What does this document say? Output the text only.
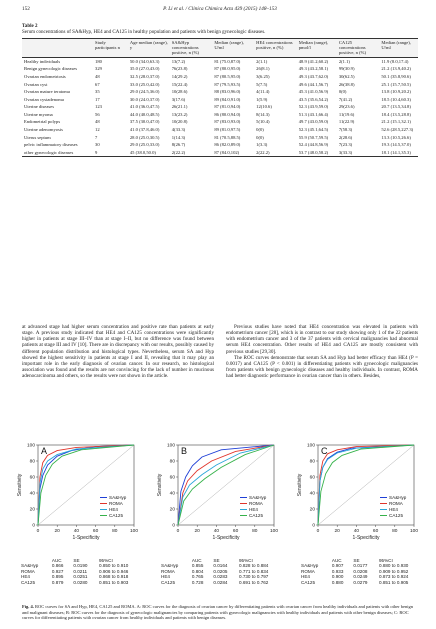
152	P. Li et al. / Clinica Chimica Acta 439 (2015) 148–153
Table 2
Serum concentrations of SA&Hyp, HE4 and CA125 in healthy population and patients with benign gynecologic diseases.
	Study participants n	Age median (range), y	SA&Hyp concentrations positive, n (%)	Median (range), U/ml	HE4 concentrations positive, n (%)	Median (range), pmol/l	CA125 concentrations positive, n (%)	Median (range), U/ml
Healthy individuals	180	50.0 (34.0,63.3)	13(7.2)	81 (75.0,87.0)	2(1.1)	48.9 (41.2,60.2)	2(1.1)	11.9 (8.0,17.4)
Benign gynecologic diseases	329	35.0 (27.0,43.0)	76(23.8)	87 (80.0,95.0)	26(8.1)	49.3 (43.2,58.1)	99(30.9)	21.2 (13.9,40.2)
Ovarian endometriosis	48	32.5 (28.0,37.0)	14(29.2)	87 (80.5,95.0)	3(6.25)	49.3 (43.7,62.0)	30(62.5)	50.1 (35.8,90.6)
Ovarian cyst	67	33.0 (25.0,42.0)	15(22.4)	87 (79.5,93.5)	5(7.5)	49.6 (44.1,56.7)	26(38.8)	25.1 (15.7,50.5)
Ovarian mature teratoma	35	29.0 (24.5,36.0)	10(28.6)	88 (83.0,96.0)	4(11.4)	45.3 (41.0,56.9)	0(0)	13.8 (10.9,20.2)
Ovarian cystadenoma	17	30.0 (24.0,37.0)	3(17.6)	89 (84.0,91.0)	1(5.9)	43.5 (35.6,54.2)	7(41.2)	18.5 (10.4,60.3)
Uterine diseases	123	41.0 (36.0,47.5)	26(21.1)	87 (81.0,94.0)	12(10.6)	52.3 (43.9,59.0)	29(23.6)	20.7 (13.5,34.8)
Uterine myoma	56	44.0 (40.0,48.5)	13(23.2)	86 (80.0,94.0)	8(14.3)	51.3 (43.1,66.4)	11(19.6)	18.4 (13.5,28.8)
Endometrial polyps	48	37.5 (30.0,47.0)	10(20.8)	87 (83.0,93.0)	5(10.4)	49.7 (43.0,59.0)	11(22.9)	21.2 (15.1,32.1)
Uterine adenomyosis	12	41.0 (37.8,46.0)	4(33.3)	89 (81.0,97.5)	0(0)	52.3 (45.1,64.5)	7(58.3)	52.6 (28.5,227.3)
Uterus septum	7	28.0 (25.0,30.5)	1(14.3)	81 (70.5,88.5)	0(0)	55.9 (50.7,59.5)	2(28.6)	13.3 (10.5,26.6)
pelvic inflammatory diseases	30	29.0 (25.0,33.0)	8(26.7)	86 (82.0,89.0)	1(3.3)	52.4 (44.8,56.9)	7(23.3)	19.3 (14.5,37.0)
other gynecologic diseases	9	45 (38.0,50.0)	2(22.2)	87 (84.0,102)	2(22.2)	53.7 (48.0,58.2)	3(33.3)	18.1 (14.1,35.3)
at advanced stage had higher serum concentration and positive rate than patients at early stage. A previous study indicated that HE4 and CA125 concentrations were significantly higher in patients at stage III–IV than at stage I–II, but no difference was found between patients at stage III and IV [10]. There are in discrepancy with our results, possibly caused by different population distribution and histological types. Nevertheless, serum SA and Hyp showed the highest sensitivity in patients at stage I and II, revealing that it may play an important role in the early diagnosis of ovarian cancer. In our research, no histological association was found and the results are not convincing for the lack of number in mucinous adenocarcinoma and others, so the results were not shown in the article.
Previous studies have noted that HE4 concentration was elevated in patients with endometrium cancer [28], which is in contrast to our study showing only 1 of the 22 patients with endometrium cancer and 3 of the 37 patients with cervical malignancies had abnormal serum HE4 concentration. Other results of HE4 and CA125 are mostly consistent with previous studies [29,30].
The ROC curves demonstrate that serum SA and Hyp had better efficacy than HE4 (P = 0.0017) and CA125 (P < 0.001) in differentiating patients with gynecologic malignancies from patients with benign gynecologic diseases and healthy individuals. In contrast, ROMA had better diagnostic performance in ovarian cancer than in others. Besides,
0	20	40	60	80	100
0
20
40
60
80
100
1-Specificity
Sensitivity
A
SA&Hyp
ROMA
HE4
CA125
0	20	40	60	80	100
0
20
40
60
80
100
1-Specificity
Sensitivity
B
SA&Hyp
ROMA
HE4
CA125
0	20	40	60	80	100
0
20
40
60
80
100
1-Specificity
Sensitivity
C
SA&Hyp
ROMA
HE4
CA125
	AUC	SE	95%CI
SA&Hyp	0.866	0.0190	0.850 to 0.910
ROMA	0.927	0.0211	0.906 to 0.946
HE4	0.895	0.0251	0.868 to 0.918
CA125	0.879	0.0280	0.851 to 0.903
	AUC	SE	95%CI
SA&Hyp	0.855	0.0164	0.828 to 0.884
ROMA	0.804	0.0205	0.771 to 0.834
HE4	0.765	0.0283	0.730 to 0.797
CA125	0.728	0.0284	0.691 to 0.762
	AUC	SE	95%CI
SA&Hyp	0.907	0.0177	0.880 to 0.930
ROMA	0.933	0.0208	0.909 to 0.952
HE4	0.900	0.0249	0.873 to 0.924
CA125	0.880	0.0279	0.851 to 0.905
Fig. 4. ROC curves for SA and Hyp, HE4, CA125 and ROMA. A: ROC curves for the diagnosis of ovarian cancer by differentiating patients with ovarian cancer from healthy individuals and patients with other benign and malignant diseases; B: ROC curves for the diagnosis of gynecologic malignancies by comparing patients with gynecologic malignancies with healthy individuals and patients with other benign diseases; C: ROC curves for differentiating patients with ovarian cancer from healthy individuals and patients with benign diseases.
